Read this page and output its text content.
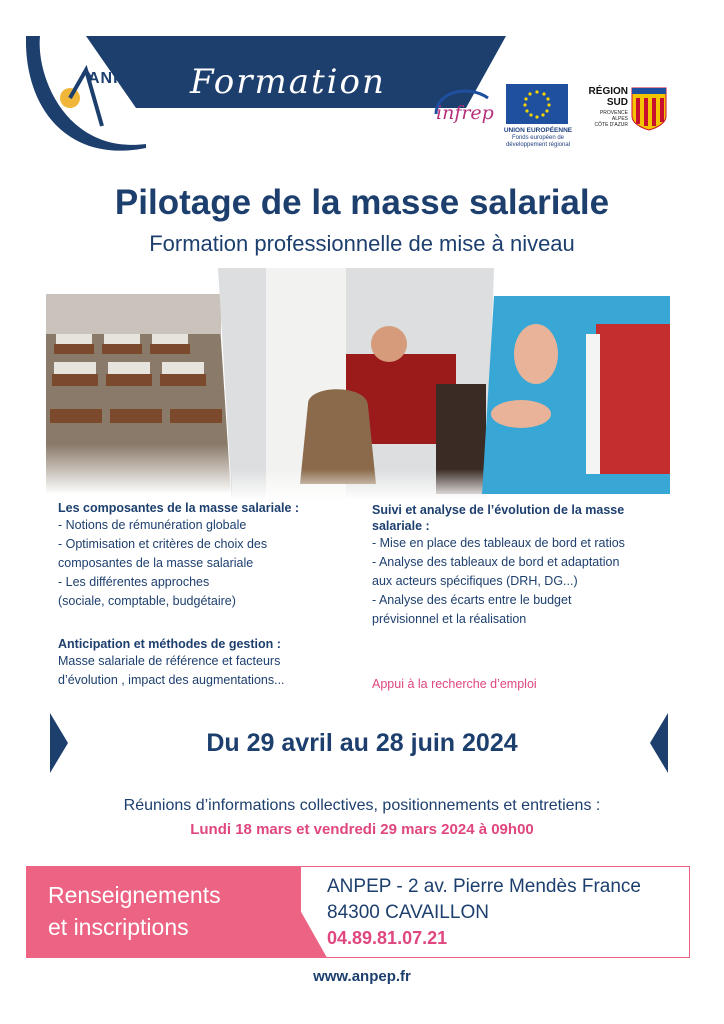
ANPEP Formation
infrep
UNION EUROPÉENNE
Fonds européen de développement régional
RÉGION
SUD
PROVENCE
ALPES
CÔTE D'AZUR
Pilotage de la masse salariale
Formation professionnelle de mise à niveau
Les composantes de la masse salariale :
- Notions de rémunération globale
- Optimisation et critères de choix des
composantes de la masse salariale
- Les différentes approches
(sociale, comptable, budgétaire)
Suivi et analyse de l’évolution de la masse
salariale :
- Mise en place des tableaux de bord et ratios
- Analyse des tableaux de bord et adaptation
aux acteurs spécifiques (DRH, DG...)
- Analyse des écarts entre le budget
prévisionnel et la réalisation
Anticipation et méthodes de gestion :
Masse salariale de référence et facteurs
d’évolution , impact des augmentations...	Appui à la recherche d’emploi
Du 29 avril au 28 juin 2024
Réunions d’informations collectives, positionnements et entretiens :
Lundi 18 mars et vendredi 29 mars 2024 à 09h00
Renseignements
et inscriptions
ANPEP - 2 av. Pierre Mendès France
84300 CAVAILLON
04.89.81.07.21
www.anpep.fr
